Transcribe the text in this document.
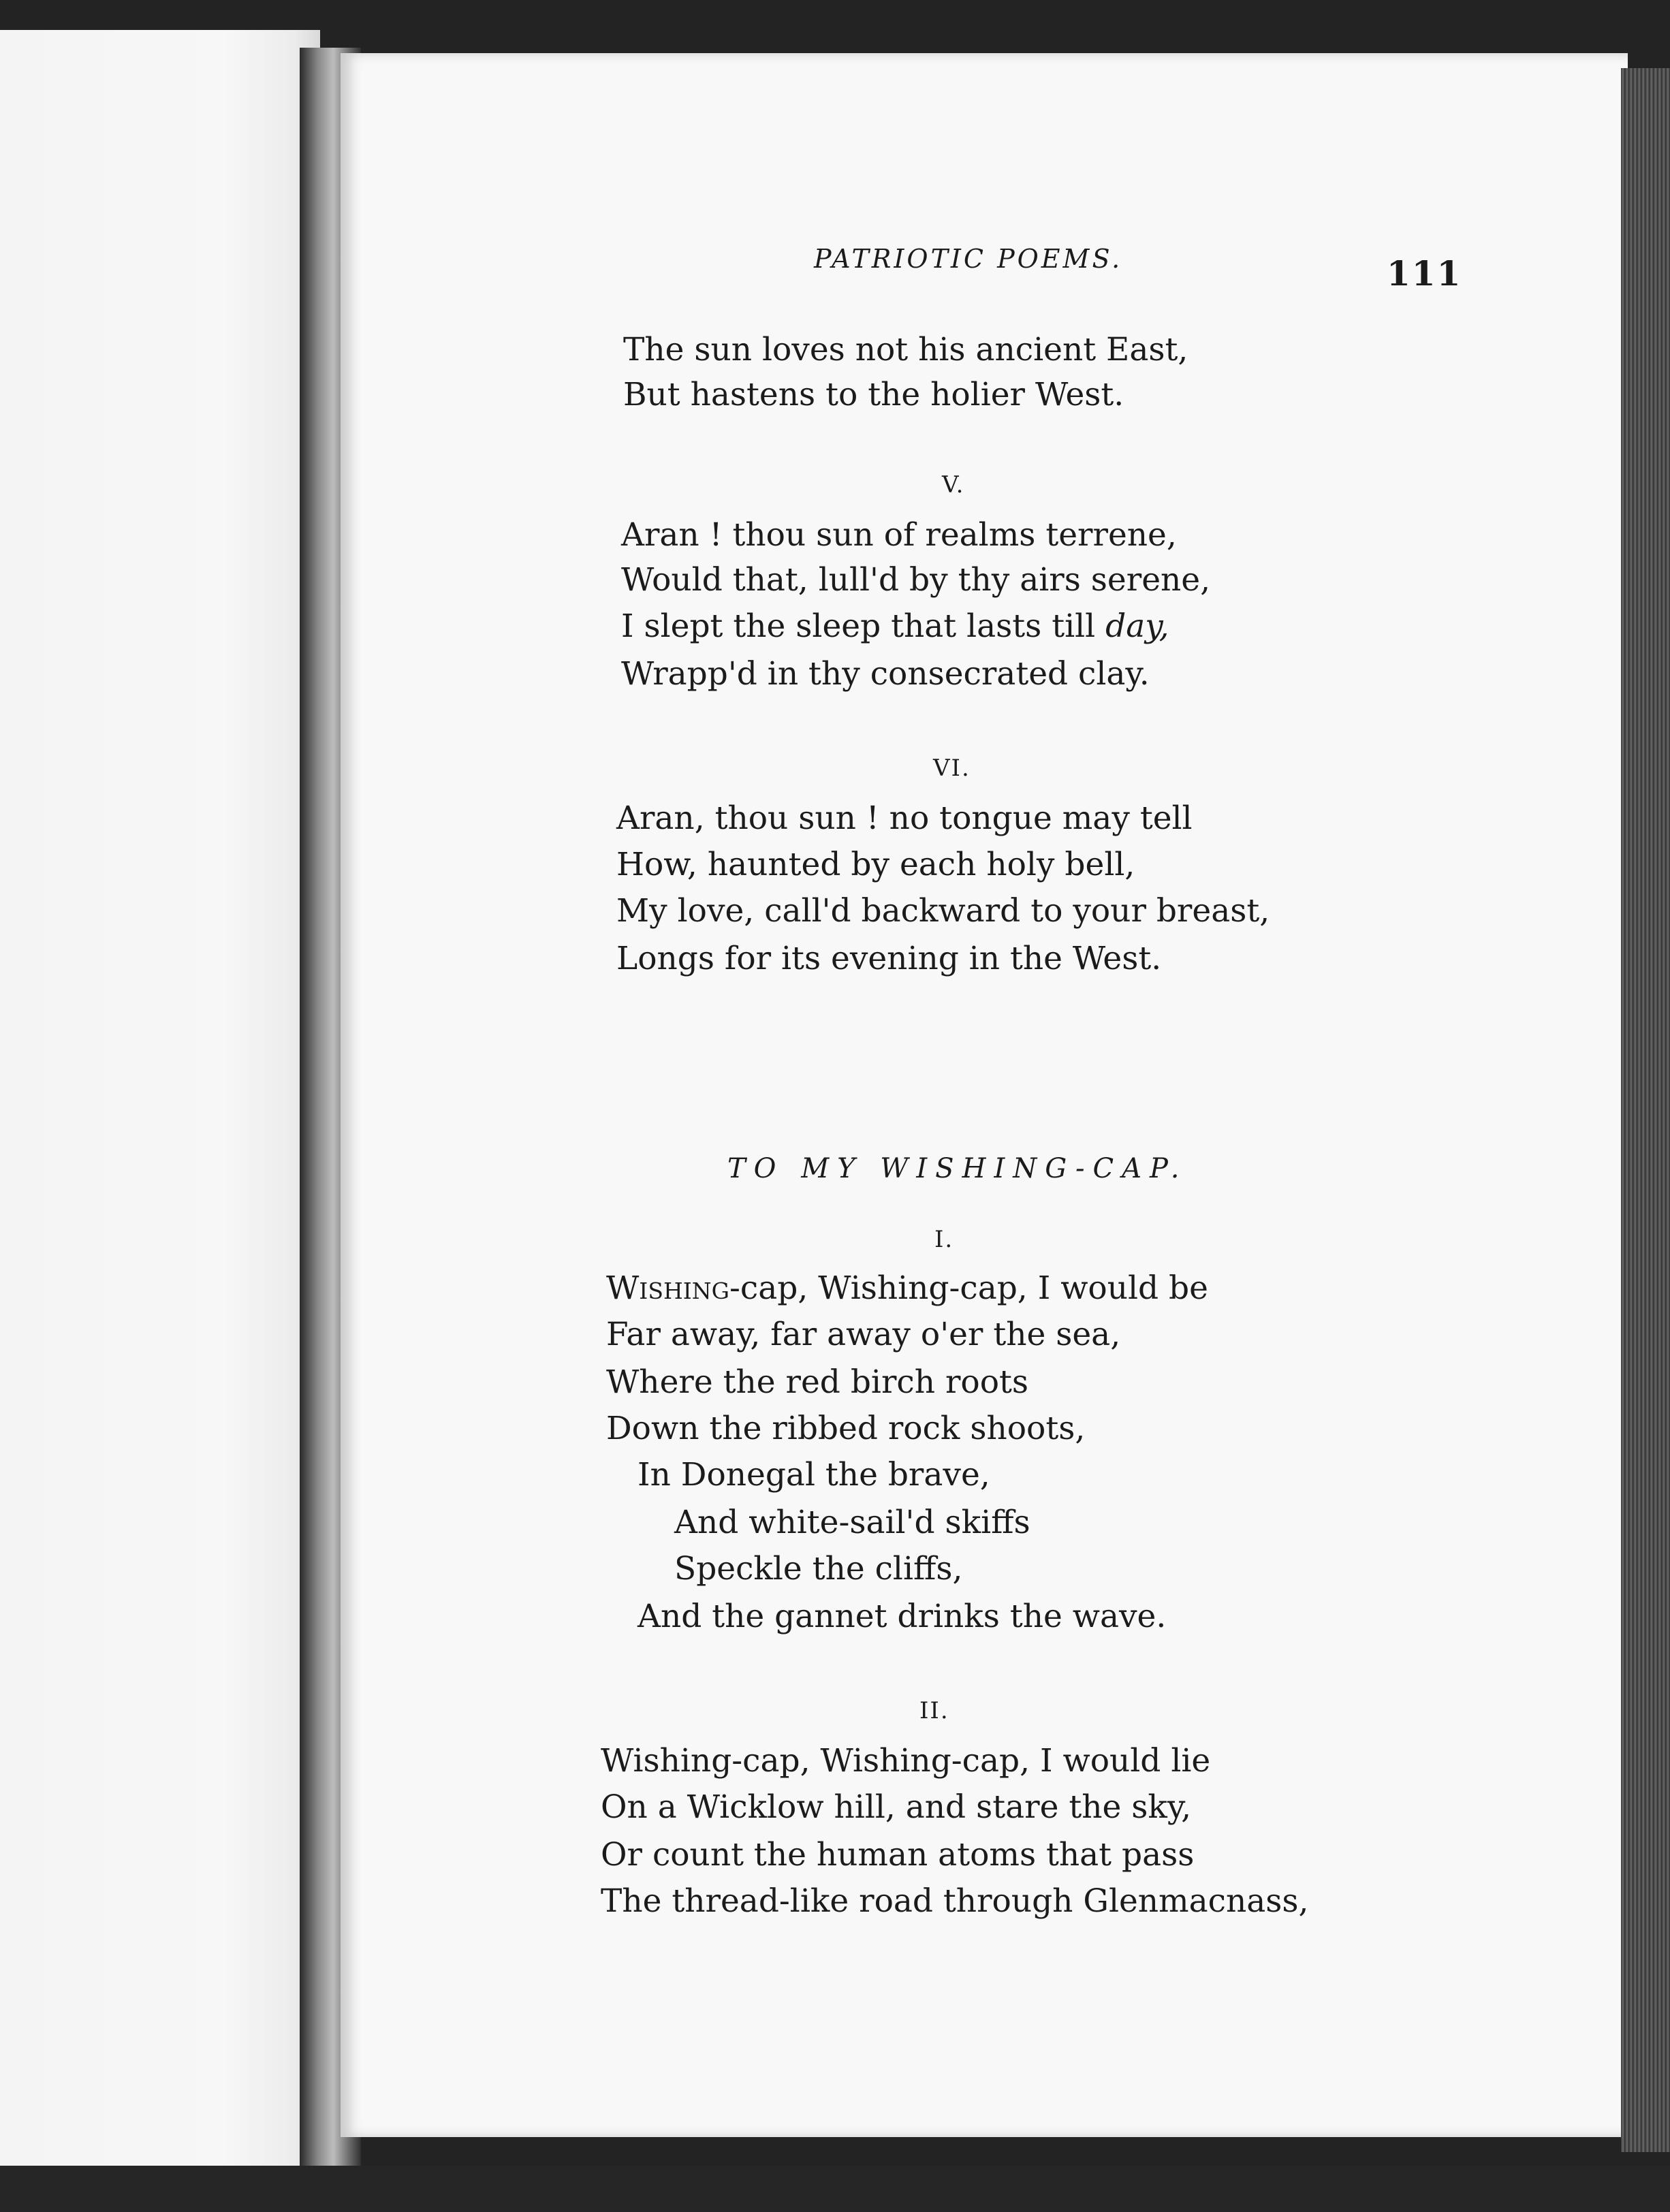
PATRIOTIC POEMS.	111
The sun loves not his ancient East,
But hastens to the holier West.
V.
Aran ! thou sun of realms terrene,
Would that, lull'd by thy airs serene,
I slept the sleep that lasts till day,
Wrapp'd in thy consecrated clay.
VI.
Aran, thou sun ! no tongue may tell
How, haunted by each holy bell,
My love, call'd backward to your breast,
Longs for its evening in the West.
TO MY WISHING-CAP.
I.
Wishing-cap, Wishing-cap, I would be
Far away, far away o'er the sea,
Where the red birch roots
Down the ribbed rock shoots,
In Donegal the brave,
And white-sail'd skiffs
Speckle the cliffs,
And the gannet drinks the wave.
II.
Wishing-cap, Wishing-cap, I would lie
On a Wicklow hill, and stare the sky,
Or count the human atoms that pass
The thread-like road through Glenmacnass,
